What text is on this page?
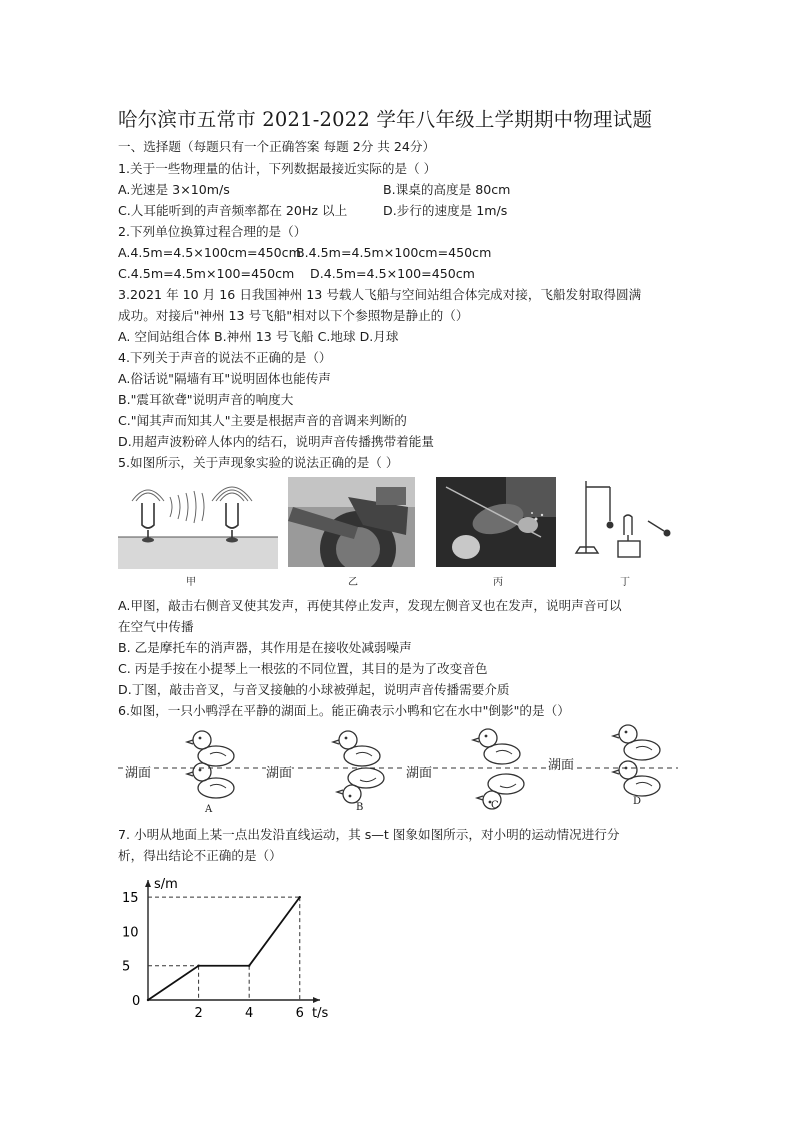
哈尔滨市五常市 2021-2022 学年八年级上学期期中物理试题
一、选择题（每题只有一个正确答案 每题 2分 共 24分）
1.关于一些物理量的估计，下列数据最接近实际的是（ ）
A.光速是 3×10m/s	B.课桌的高度是 80cm
C.人耳能听到的声音频率都在 20Hz 以上	D.步行的速度是 1m/s
2.下列单位换算过程合理的是（）
A.4.5m=4.5×100cm=450cm
B.4.5m=4.5m×100cm=450cm
C.4.5m=4.5m×100=450cm D.4.5m=4.5×100=450cm
3.2021 年 10 月 16 日我国神州 13 号载人飞船与空间站组合体完成对接，飞船发射取得圆满
成功。对接后"神州 13 号飞船"相对以下个参照物是静止的（）
A. 空间站组合体 B.神州 13 号飞船 C.地球 D.月球
4.下列关于声音的说法不正确的是（）
A.俗话说"隔墙有耳"说明固体也能传声
B."震耳欲聋"说明声音的响度大
C."闻其声而知其人"主要是根据声音的音调来判断的
D.用超声波粉碎人体内的结石，说明声音传播携带着能量
5.如图所示，关于声现象实验的说法正确的是（ ）
甲	乙	丙	丁
A.甲图，敲击右侧音叉使其发声，再使其停止发声，发现左侧音叉也在发声，说明声音可以
在空气中传播
B. 乙是摩托车的消声器，其作用是在接收处减弱噪声
C. 丙是手按在小提琴上一根弦的不同位置，其目的是为了改变音色
D.丁图，敲击音叉，与音叉接触的小球被弹起，说明声音传播需要介质
6.如图，一只小鸭浮在平静的湖面上。能正确表示小鸭和它在水中"倒影"的是（）
湖面	湖面	湖面
湖面
A	B	C	D
7. 小明从地面上某一点出发沿直线运动，其 s—t 图象如图所示，对小明的运动情况进行分
析，得出结论不正确的是（）
s/m
t/s
0
5
10
15
2	4	6
